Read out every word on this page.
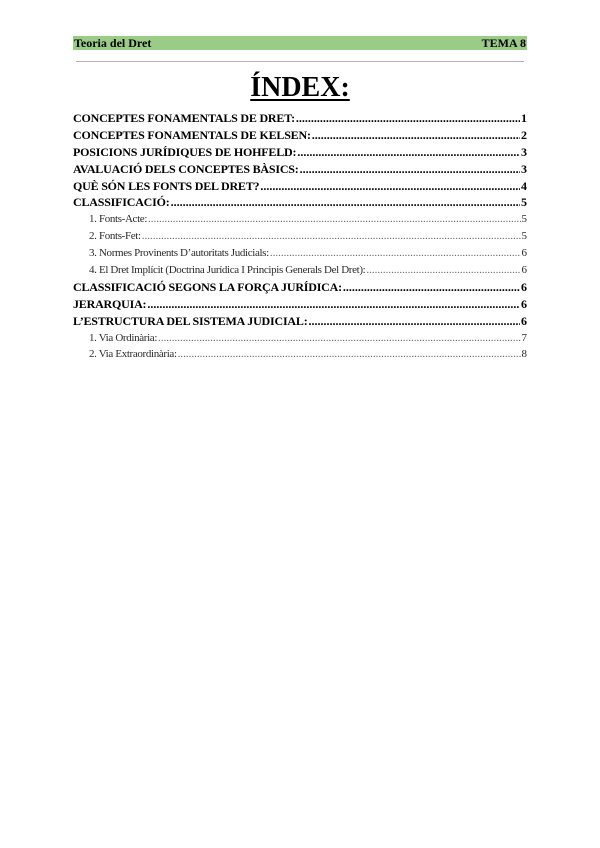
Teoria del Dret	TEMA 8
ÍNDEX:
CONCEPTES FONAMENTALS DE DRET: .....	1
CONCEPTES FONAMENTALS DE KELSEN: .....	2
POSICIONS JURÍDIQUES DE HOHFELD: .....	3
AVALUACIÓ DELS CONCEPTES BÀSICS: .....	3
QUÈ SÓN LES FONTS DEL DRET? .....	4
CLASSIFICACIÓ: .....	5
1. Fonts-Acte: .....	5
2. Fonts-Fet: .....	5
3. Normes Provinents D’autoritats Judicials: .....	6
4. El Dret Implícit (Doctrina Jurídica I Principis Generals Del Dret): .....	6
CLASSIFICACIÓ SEGONS LA FORÇA JURÍDICA: .....	6
JERARQUIA: .....	6
L’ESTRUCTURA DEL SISTEMA JUDICIAL: .....	6
1. Via Ordinària: .....	7
2. Via Extraordinària: .....	8
